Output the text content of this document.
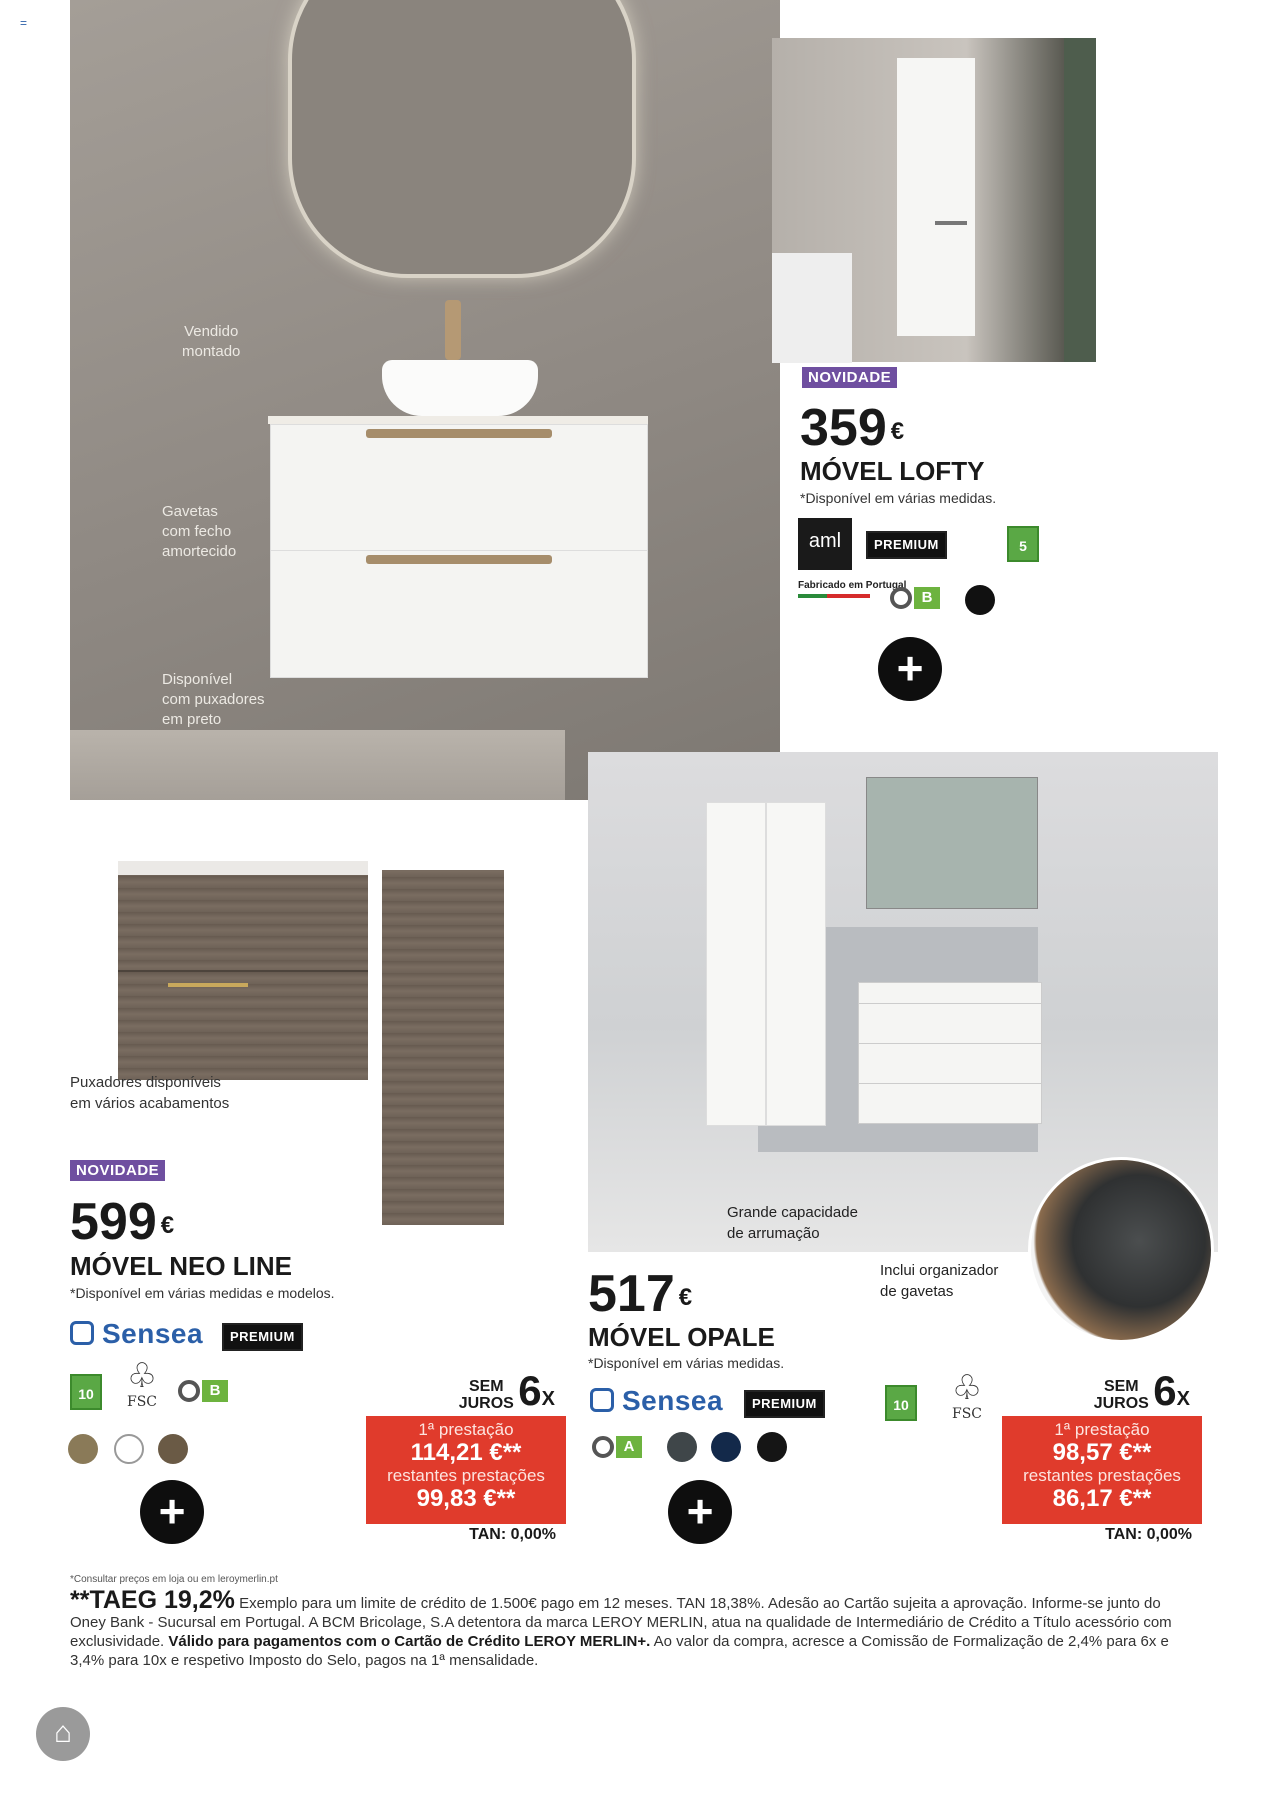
=
Vendido
montado
Gavetas
com fecho
amortecido
Disponível
com puxadores
em preto
NOVIDADE
359 €
MÓVEL LOFTY
*Disponível em várias medidas.
aml	PREMIUM	5
Fabricado em Portugal
B
+
Puxadores disponíveis
em vários acabamentos
NOVIDADE
599 €
MÓVEL NEO LINE
*Disponível em várias medidas e modelos.
Sensea	PREMIUM
10 ♧
FSC
B
+
SEM
JUROS 6X
1ª prestação
114,21 €**
restantes prestações
99,83 €**
TAN: 0,00%
Grande capacidade
de arrumação
Inclui organizador
de gavetas
517 €
MÓVEL OPALE
*Disponível em várias medidas.
Sensea	PREMIUM	10 ♧
FSC
A
+
SEM
JUROS 6X
1ª prestação
98,57 €**
restantes prestações
86,17 €**
TAN: 0,00%
*Consultar preços em loja ou em leroymerlin.pt
**TAEG 19,2% Exemplo para um limite de crédito de 1.500€ pago em 12 meses. TAN 18,38%. Adesão ao Cartão sujeita a aprovação. Informe-se junto do Oney Bank - Sucursal em Portugal. A BCM Bricolage, S.A detentora da marca LEROY MERLIN, atua na qualidade de Intermediário de Crédito a Título acessório com exclusividade. Válido para pagamentos com o Cartão de Crédito LEROY MERLIN+. Ao valor da compra, acresce a Comissão de Formalização de 2,4% para 6x e 3,4% para 10x e respetivo Imposto do Selo, pagos na 1ª mensalidade.
⌂
